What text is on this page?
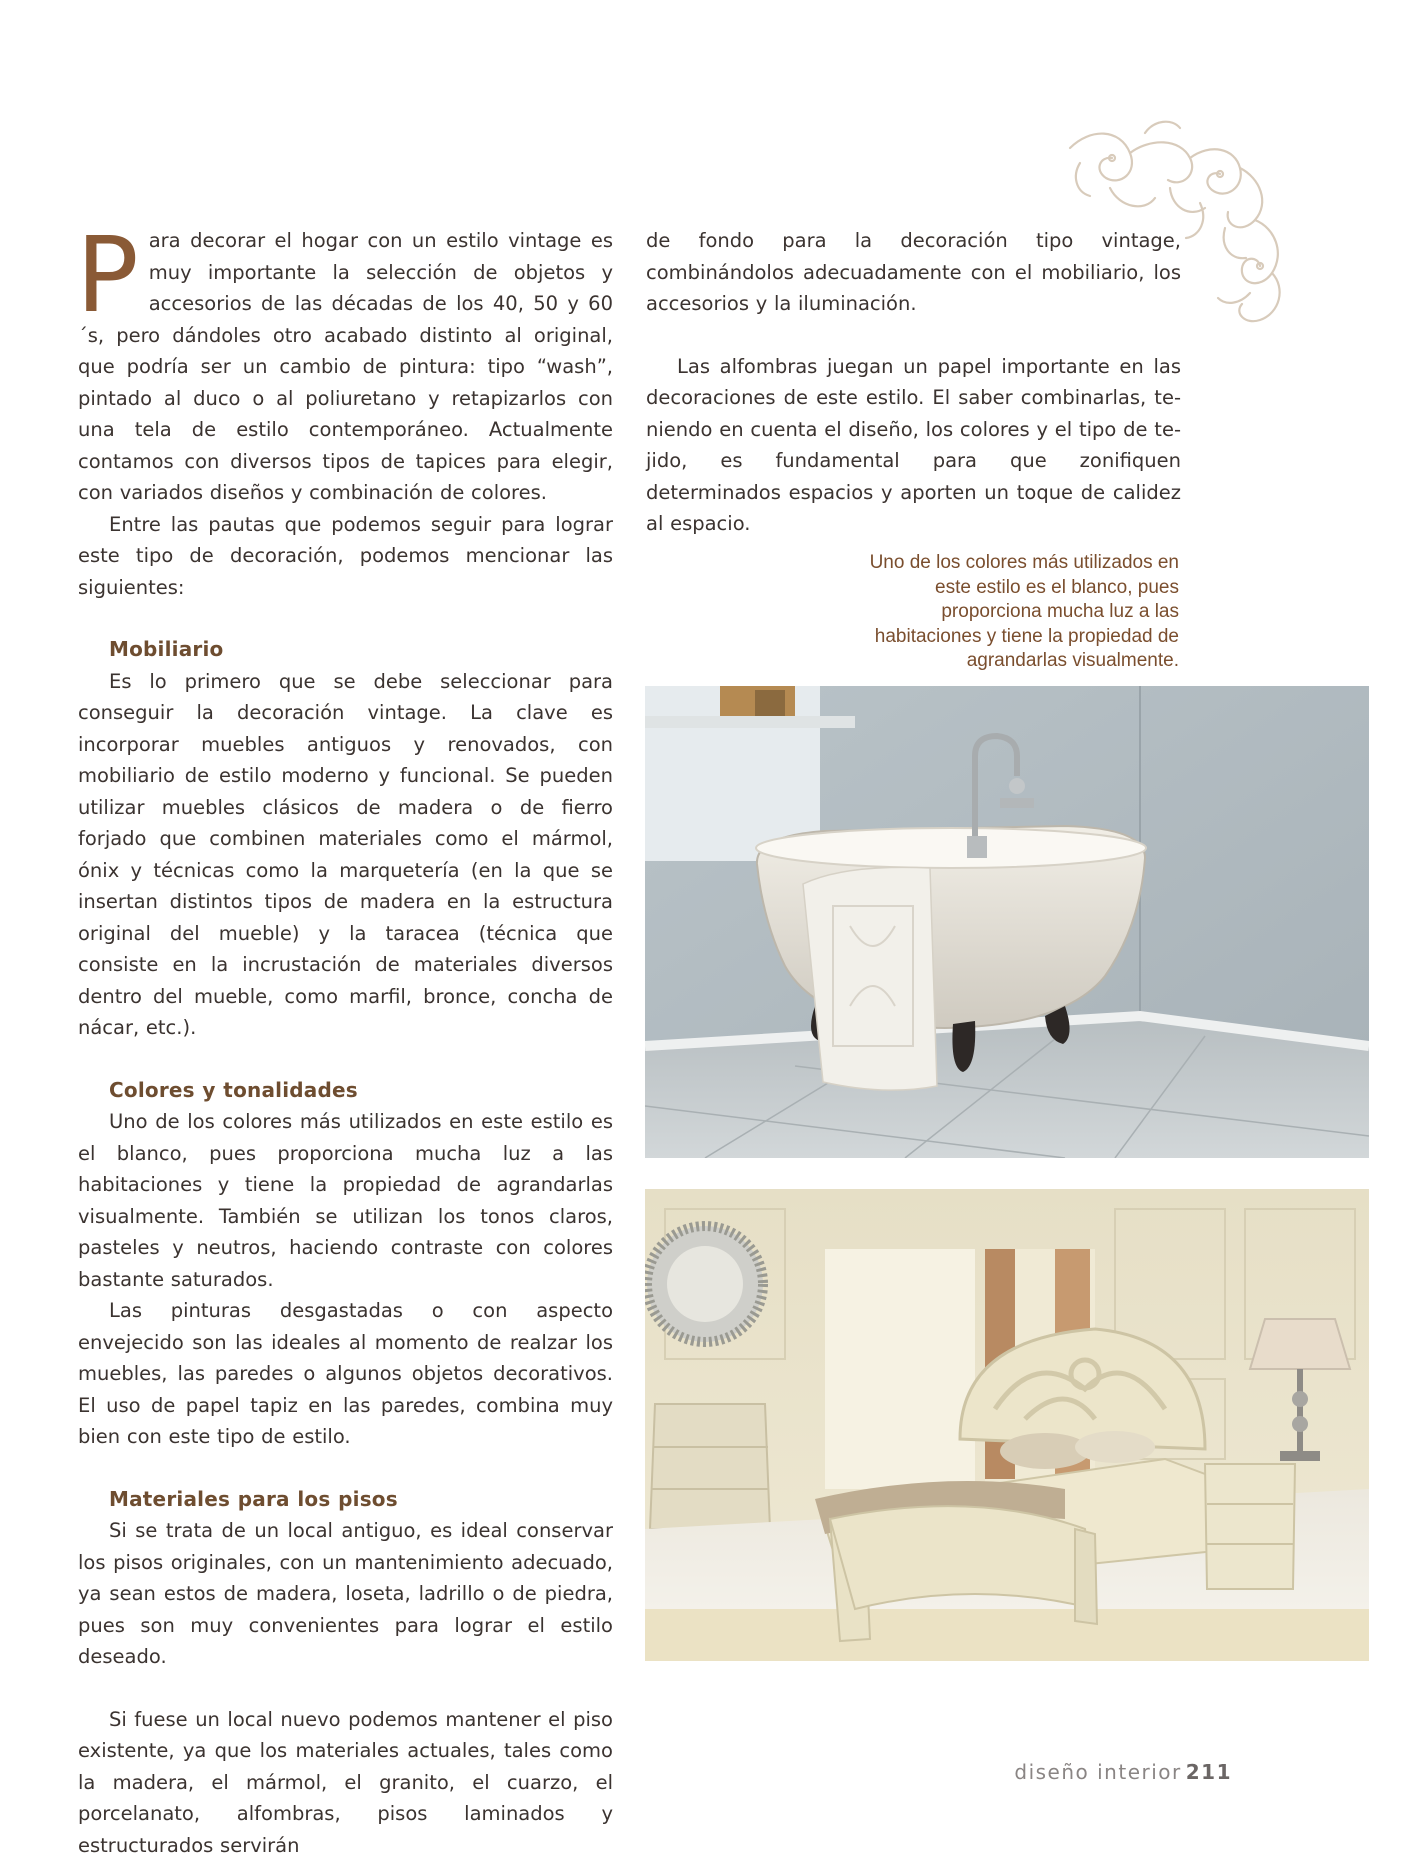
Para decorar el hogar con un estilo vintage es muy importante la selección de objetos y accesorios de las décadas de los 40, 50 y 60´s, pero dándoles otro acabado distinto al original, que podría ser un cambio de pintura: tipo “wash”, pintado al duco o al poliuretano y retapizarlos con una tela de estilo contemporáneo. Actualmente contamos con diversos tipos de tapices para elegir, con variados diseños y combinación de colores.

Entre las pautas que podemos seguir para lograr este tipo de decoración, podemos mencionar las siguientes:

Mobiliario

Es lo primero que se debe seleccionar para conseguir la decoración vintage. La clave es incorporar muebles antiguos y renovados, con mobiliario de estilo moderno y funcional. Se pueden utilizar muebles clásicos de madera o de fierro forjado que combinen materiales como el mármol, ónix y técnicas como la marquetería (en la que se insertan distintos tipos de madera en la estructura original del mueble) y la taracea (técnica que consiste en la incrustación de materiales diversos dentro del mueble, como marfil, bronce, concha de nácar, etc.).

Colores y tonalidades

Uno de los colores más utilizados en este estilo es el blanco, pues proporciona mucha luz a las habitaciones y tiene la propiedad de agrandarlas visualmente. También se utilizan los tonos claros, pasteles y neutros, haciendo contraste con colores bastante saturados.

Las pinturas desgastadas o con aspecto envejecido son las ideales al momento de realzar los muebles, las paredes o algunos objetos decorativos. El uso de papel tapiz en las paredes, combina muy bien con este tipo de estilo.

Materiales para los pisos

Si se trata de un local antiguo, es ideal conservar los pisos originales, con un mantenimiento adecuado, ya sean estos de madera, loseta, ladrillo o de piedra, pues son muy convenientes para lograr el estilo deseado.

Si fuese un local nuevo podemos mantener el piso existente, ya que los materiales actuales, tales como la madera, el mármol, el granito, el cuarzo, el porcelanato, alfombras, pisos laminados y estructurados servirán

de fondo para la decoración tipo vintage, combinándolos adecuadamente con el mobiliario, los accesorios y la iluminación.

Las alfombras juegan un papel importante en las decoraciones de este estilo. El saber combinarlas, teniendo en cuenta el diseño, los colores y el tipo de tejido, es fundamental para que zonifiquen determinados espacios y aporten un toque de calidez al espacio.

Uno de los colores más utilizados en este estilo es el blanco, pues proporciona mucha luz a las habitaciones y tiene la propiedad de agrandarlas visualmente.
diseño interior 211
